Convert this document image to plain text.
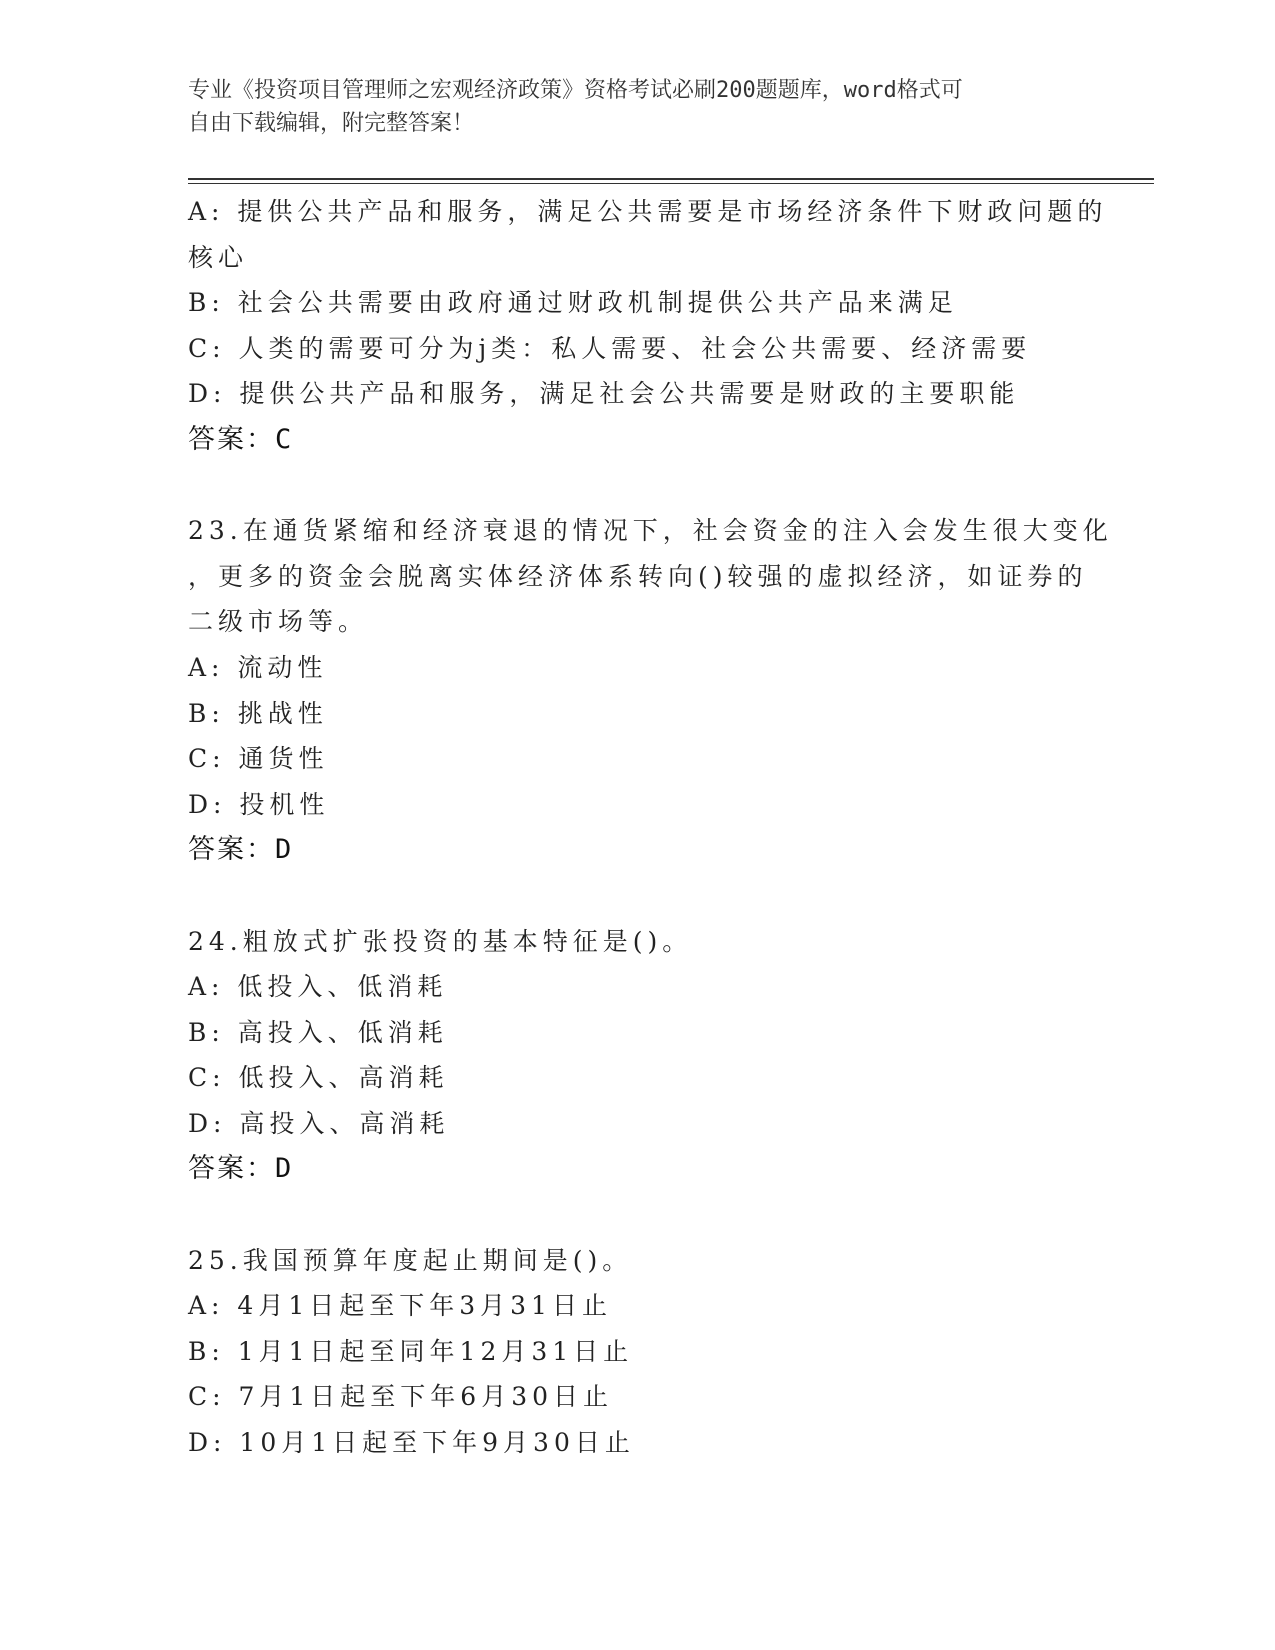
专业《投资项目管理师之宏观经济政策》资格考试必刷200题题库，word格式可
自由下载编辑，附完整答案！

A: 提供公共产品和服务，满足公共需要是市场经济条件下财政问题的

核心

B: 社会公共需要由政府通过财政机制提供公共产品来满足

C: 人类的需要可分为j类：私人需要、社会公共需要、经济需要

D: 提供公共产品和服务，满足社会公共需要是财政的主要职能

答案：C

23.在通货紧缩和经济衰退的情况下，社会资金的注入会发生很大变化

，更多的资金会脱离实体经济体系转向()较强的虚拟经济，如证券的

二级市场等。

A: 流动性

B: 挑战性

C: 通货性

D: 投机性

答案：D

24.粗放式扩张投资的基本特征是()。

A: 低投入、低消耗

B: 高投入、低消耗

C: 低投入、高消耗

D: 高投入、高消耗

答案：D

25.我国预算年度起止期间是()。

A: 4月1日起至下年3月31日止

B: 1月1日起至同年12月31日止

C: 7月1日起至下年6月30日止

D: 10月1日起至下年9月30日止
